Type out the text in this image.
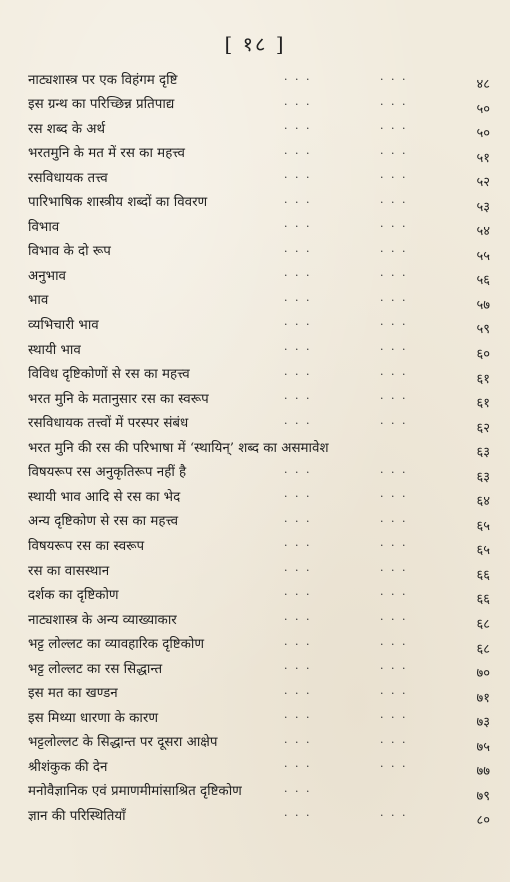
[ १८ ]
नाट्यशास्त्र पर एक विहंगम दृष्टि	· · ·	· · ·	४८
इस ग्रन्थ का परिच्छिन्न प्रतिपाद्य	· · ·	· · ·	५०
रस शब्द के अर्थ	· · ·	· · ·	५०
भरतमुनि के मत में रस का महत्त्व	· · ·	· · ·	५१
रसविधायक तत्त्व	· · ·	· · ·	५२
पारिभाषिक शास्त्रीय शब्दों का विवरण	· · ·	· · ·	५३
विभाव	· · ·	· · ·	५४
विभाव के दो रूप	· · ·	· · ·	५५
अनुभाव	· · ·	· · ·	५६
भाव	· · ·	· · ·	५७
व्यभिचारी भाव	· · ·	· · ·	५९
स्थायी भाव	· · ·	· · ·	६०
विविध दृष्टिकोणों से रस का महत्त्व	· · ·	· · ·	६१
भरत मुनि के मतानुसार रस का स्वरूप	· · ·	· · ·	६१
रसविधायक तत्त्वों में परस्पर संबंध	· · ·	· · ·	६२
भरत मुनि की रस की परिभाषा में ‘स्थायिन्’ शब्द का असमावेश	६३
विषयरूप रस अनुकृतिरूप नहीं है	· · ·	· · ·	६३
स्थायी भाव आदि से रस का भेद	· · ·	· · ·	६४
अन्य दृष्टिकोण से रस का महत्त्व	· · ·	· · ·	६५
विषयरूप रस का स्वरूप	· · ·	· · ·	६५
रस का वासस्थान	· · ·	· · ·	६६
दर्शक का दृष्टिकोण	· · ·	· · ·	६६
नाट्यशास्त्र के अन्य व्याख्याकार	· · ·	· · ·	६८
भट्ट लोल्लट का व्यावहारिक दृष्टिकोण	· · ·	· · ·	६८
भट्ट लोल्लट का रस सिद्धान्त	· · ·	· · ·	७०
इस मत का खण्डन	· · ·	· · ·	७१
इस मिथ्या धारणा के कारण	· · ·	· · ·	७३
भट्टलोल्लट के सिद्धान्त पर दूसरा आक्षेप	· · ·	· · ·	७५
श्रीशंकुक की देन	· · ·	· · ·	७७
मनोवैज्ञानिक एवं प्रमाणमीमांसाश्रित दृष्टिकोण	· · ·	७९
ज्ञान की परिस्थितियाँ	· · ·	· · ·	८०
